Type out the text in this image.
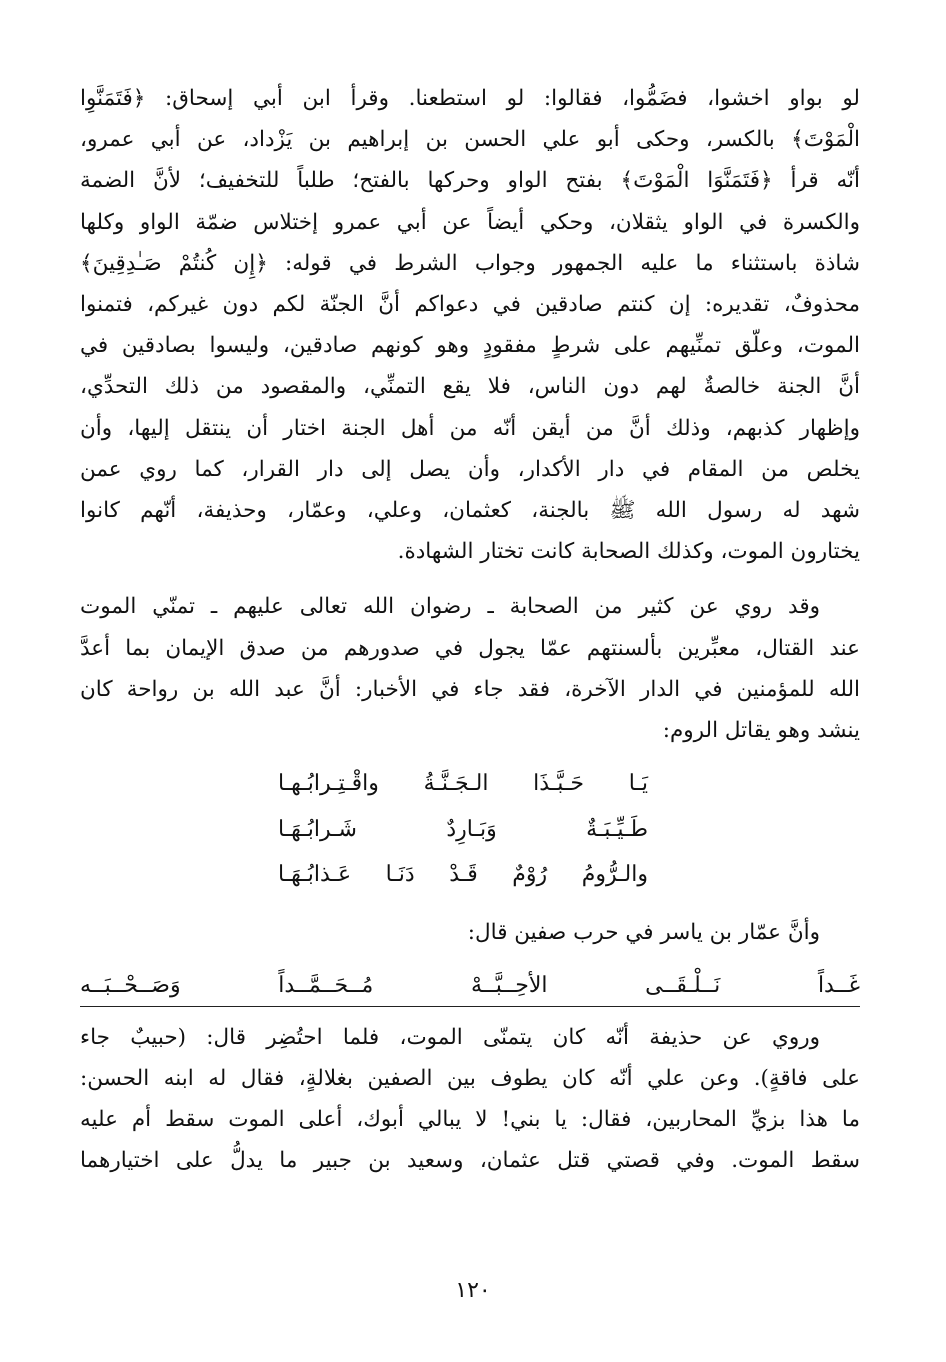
لو بواو اخشوا، فضَمُّوا، فقالوا: لو استطعنا. وقرأ ابن أبي إسحاق: ﴿فَتَمَنَّوِا
الْمَوْتَ﴾ بالكسر، وحكى أبو علي الحسن بن إبراهيم بن يَزْداد، عن أبي عمرو،
أنّه قرأ ﴿فَتَمَنَّوَا الْمَوْتَ﴾ بفتح الواو وحركها بالفتح؛ طلباً للتخفيف؛ لأنَّ الضمة
والكسرة في الواو يثقلان، وحكي أيضاً عن أبي عمرو إختلاس ضمّة الواو وكلها
شاذة باستثناء ما عليه الجمهور وجواب الشرط في قوله: ﴿إِن كُنتُمْ صَـٰدِقِينَ﴾
محذوفٌ، تقديره: إن كنتم صادقين في دعواكم أنَّ الجنّة لكم دون غيركم، فتمنوا
الموت، وعلّق تمنِّيهم على شرطٍ مفقودٍ وهو كونهم صادقين، وليسوا بصادقين في
أنَّ الجنة خالصةٌ لهم دون الناس، فلا يقع التمنِّي، والمقصود من ذلك التحدِّي،
وإظهار كذبهم، وذلك أنَّ من أيقن أنّه من أهل الجنة اختار أن ينتقل إليها، وأن
يخلص من المقام في دار الأكدار، وأن يصل إلى دار القرار، كما روي عمن
شهد له رسول الله ﷺ بالجنة، كعثمان، وعلي، وعمّار، وحذيفة، أنّهم كانوا
يختارون الموت، وكذلك الصحابة كانت تختار الشهادة.

وقد روي عن كثير من الصحابة ـ رضوان الله تعالى عليهم ـ تمنّي الموت
عند القتال، معبِّرين بألسنتهم عمّا يجول في صدورهم من صدق الإيمان بما أعدَّ
الله للمؤمنين في الدار الآخرة، فقد جاء في الأخبار: أنَّ عبد الله بن رواحة كان
ينشد وهو يقاتل الروم:

يَـا حَـبَّـذَا الـجَـنَّـةُ واقْـتِـرابُـهـا
طَـيِّـبَـةٌ وَبَـارِدٌ شَـرابُـهَـا
والـرُّومُ رُوْمٌ قَـدْ دَنَـا عَـذابُـهَـا
وأنَّ عمّار بن ياسر في حرب صفين قال:
غَــداً نَــلْـقَــى الأحِــبَّــهْ مُــحَــمَّــداً وَصَــحْــبَــه

وروي عن حذيفة أنّه كان يتمنّى الموت، فلما احتُضِر قال: (حبيبٌ جاء
على فاقةٍ). وعن علي أنّه كان يطوف بين الصفين بغلالةٍ، فقال له ابنه الحسن:
ما هذا بزيِّ المحاربين، فقال: يا بني! لا يبالي أبوك، أعلى الموت سقط أم عليه
سقط الموت. وفي قصتي قتل عثمان، وسعيد بن جبير ما يدلُّ على اختيارهما

١٢٠
